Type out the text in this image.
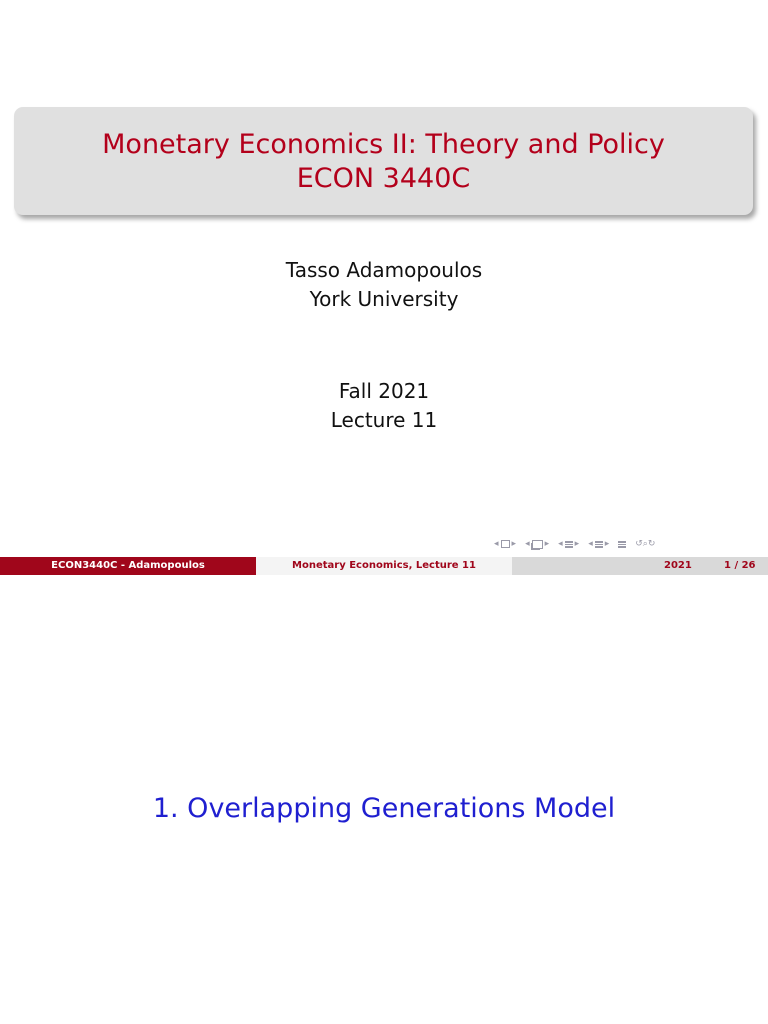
Monetary Economics II: Theory and Policy
ECON 3440C
Tasso Adamopoulos
York University
Fall 2021
Lecture 11
◂ ▸ ◂ ▸ ◂ ▸ ◂ ▸	↺⌕↻
ECON3440C - Adamopoulos	Monetary Economics, Lecture 11	2021	1 / 26
1. Overlapping Generations Model
